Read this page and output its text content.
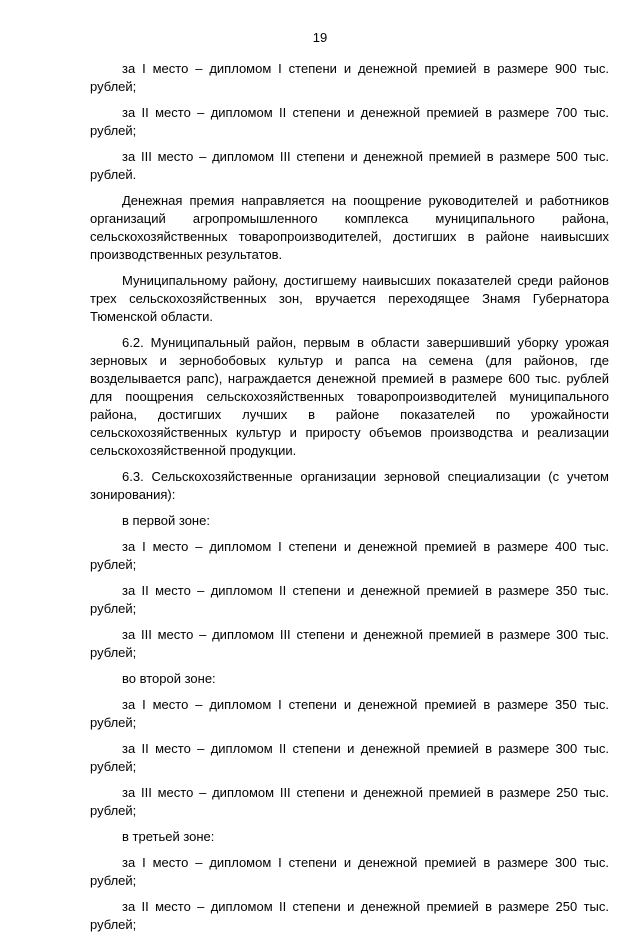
19

за I место – дипломом I степени и денежной премией в размере 900 тыс. рублей;

за II место – дипломом II степени и денежной премией в размере 700 тыс. рублей;

за III место – дипломом III степени и денежной премией в размере 500 тыс. рублей.

Денежная премия направляется на поощрение руководителей и работников организаций агропромышленного комплекса муниципального района, сельскохозяйственных товаропроизводителей, достигших в районе наивысших производственных результатов.

Муниципальному району, достигшему наивысших показателей среди районов трех сельскохозяйственных зон, вручается переходящее Знамя Губернатора Тюменской области.

6.2. Муниципальный район, первым в области завершивший уборку урожая зерновых и зернобобовых культур и рапса на семена (для районов, где возделывается рапс), награждается денежной премией в размере 600 тыс. рублей для поощрения сельскохозяйственных товаропроизводителей муниципального района, достигших лучших в районе показателей по урожайности сельскохозяйственных культур и приросту объемов производства и реализации сельскохозяйственной продукции.

6.3. Сельскохозяйственные организации зерновой специализации (с учетом зонирования):

в первой зоне:

за I место – дипломом I степени и денежной премией в размере 400 тыс. рублей;

за II место – дипломом II степени и денежной премией в размере 350 тыс. рублей;

за III место – дипломом III степени и денежной премией в размере 300 тыс. рублей;

во второй зоне:

за I место – дипломом I степени и денежной премией в размере 350 тыс. рублей;

за II место – дипломом II степени и денежной премией в размере 300 тыс. рублей;

за III место – дипломом III степени и денежной премией в размере 250 тыс. рублей;

в третьей зоне:

за I место – дипломом I степени и денежной премией в размере 300 тыс. рублей;

за II место – дипломом II степени и денежной премией в размере 250 тыс. рублей;
